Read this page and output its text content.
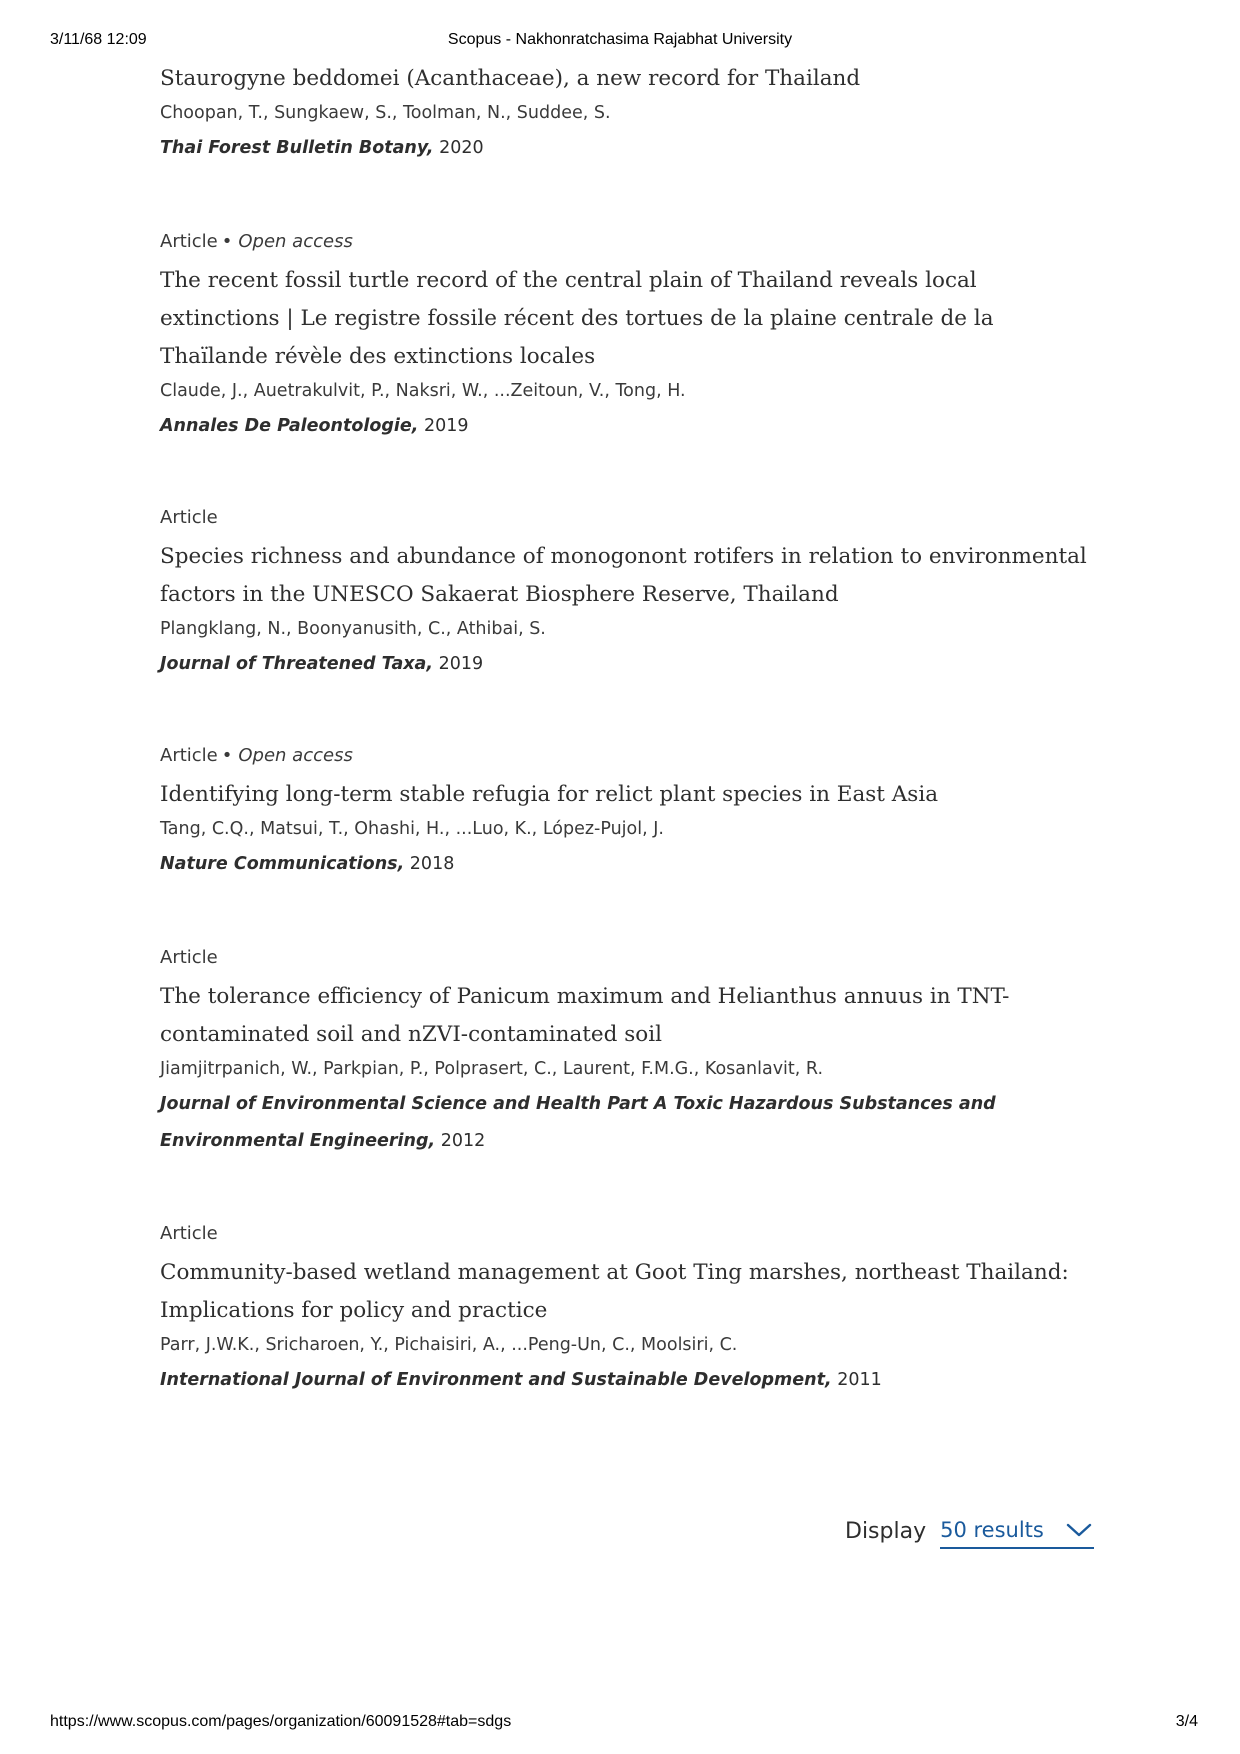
3/11/68 12:09	Scopus - Nakhonratchasima Rajabhat University
Staurogyne beddomei (Acanthaceae), a new record for Thailand
Choopan, T., Sungkaew, S., Toolman, N., Suddee, S.
Thai Forest Bulletin Botany, 2020
Article • Open access
The recent fossil turtle record of the central plain of Thailand reveals local extinctions | Le registre fossile récent des tortues de la plaine centrale de la Thaïlande révèle des extinctions locales
Claude, J., Auetrakulvit, P., Naksri, W., ...Zeitoun, V., Tong, H.
Annales De Paleontologie, 2019
Article
Species richness and abundance of monogonont rotifers in relation to environmental factors in the UNESCO Sakaerat Biosphere Reserve, Thailand
Plangklang, N., Boonyanusith, C., Athibai, S.
Journal of Threatened Taxa, 2019
Article • Open access
Identifying long-term stable refugia for relict plant species in East Asia
Tang, C.Q., Matsui, T., Ohashi, H., ...Luo, K., López-Pujol, J.
Nature Communications, 2018
Article
The tolerance efficiency of Panicum maximum and Helianthus annuus in TNT-contaminated soil and nZVI-contaminated soil
Jiamjitrpanich, W., Parkpian, P., Polprasert, C., Laurent, F.M.G., Kosanlavit, R.
Journal of Environmental Science and Health Part A Toxic Hazardous Substances and Environmental Engineering, 2012
Article
Community-based wetland management at Goot Ting marshes, northeast Thailand: Implications for policy and practice
Parr, J.W.K., Sricharoen, Y., Pichaisiri, A., ...Peng-Un, C., Moolsiri, C.
International Journal of Environment and Sustainable Development, 2011
Display 50 results
https://www.scopus.com/pages/organization/60091528#tab=sdgs	3/4
